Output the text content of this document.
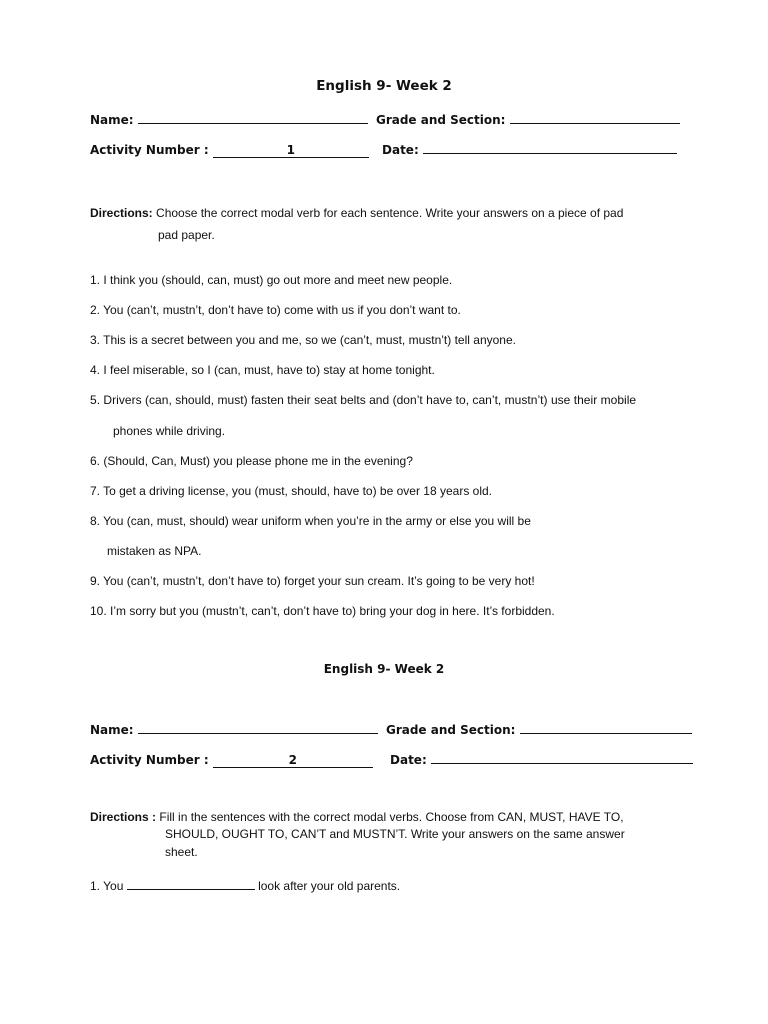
English 9- Week 2
Name:	Grade and Section:
Activity Number :	1	Date:
Directions: Choose the correct modal verb for each sentence. Write your answers on a piece of pad
pad paper.
1. I think you (should, can, must) go out more and meet new people.
2. You (can’t, mustn’t, don’t have to) come with us if you don’t want to.
3. This is a secret between you and me, so we (can’t, must, mustn’t) tell anyone.
4. I feel miserable, so I (can, must, have to) stay at home tonight.
5. Drivers (can, should, must) fasten their seat belts and (don’t have to, can’t, mustn’t) use their mobile
phones while driving.
6. (Should, Can, Must) you please phone me in the evening?
7. To get a driving license, you (must, should, have to) be over 18 years old.
8. You (can, must, should) wear uniform when you’re in the army or else you will be
mistaken as NPA.
9. You (can’t, mustn’t, don’t have to) forget your sun cream. It’s going to be very hot!
10. I’m sorry but you (mustn’t, can’t, don’t have to) bring your dog in here. It’s forbidden.
English 9- Week 2
Name:	Grade and Section:
Activity Number :	2	Date:
Directions : Fill in the sentences with the correct modal verbs. Choose from CAN, MUST, HAVE TO,
SHOULD, OUGHT TO, CAN’T and MUSTN’T. Write your answers on the same answer
sheet.
1. You	look after your old parents.
